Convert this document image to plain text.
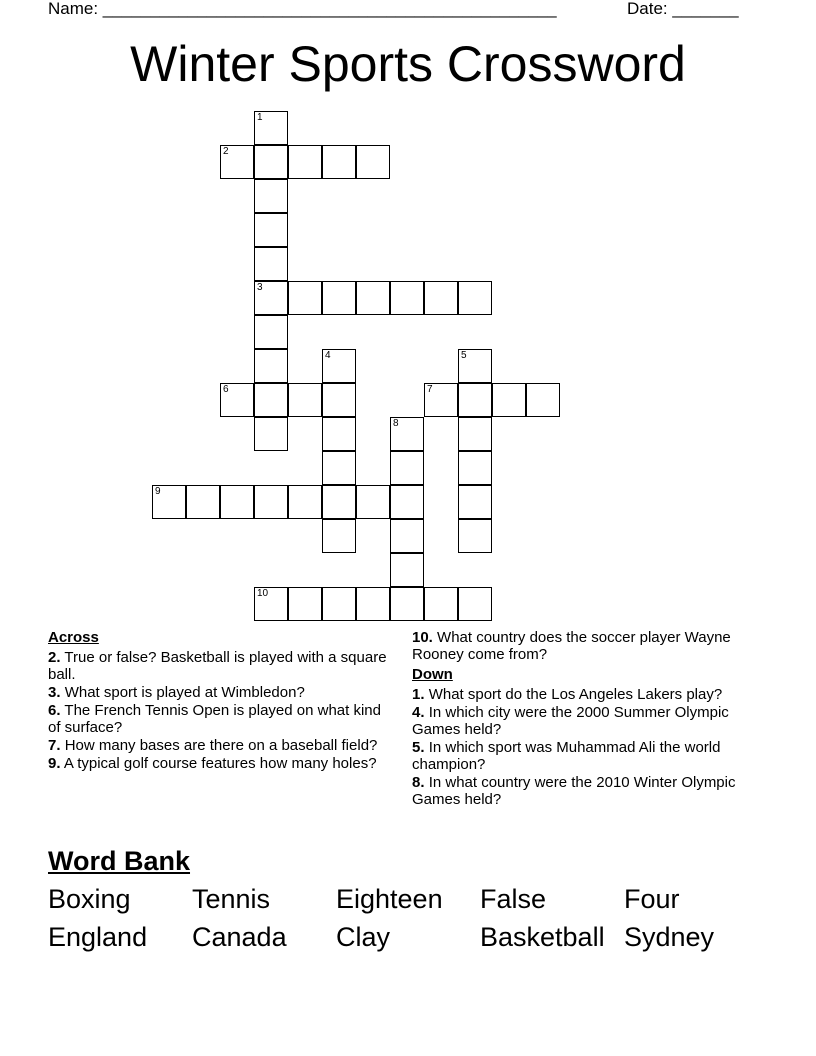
Name: ________________________________________________	Date: _______
Winter Sports Crossword
1
3
2
4	5
6	7
8
9
10
Across
2. True or false? Basketball is played with a square ball.
3. What sport is played at Wimbledon?
6. The French Tennis Open is played on what kind of surface?
7. How many bases are there on a baseball field?
9. A typical golf course features how many holes?
10. What country does the soccer player Wayne Rooney come from?
Down
1. What sport do the Los Angeles Lakers play?
4. In which city were the 2000 Summer Olympic Games held?
5. In which sport was Muhammad Ali the world champion?
8. In what country were the 2010 Winter Olympic Games held?
Word Bank
Boxing Tennis Eighteen False	Four
England Canada Clay	Basketball Sydney
